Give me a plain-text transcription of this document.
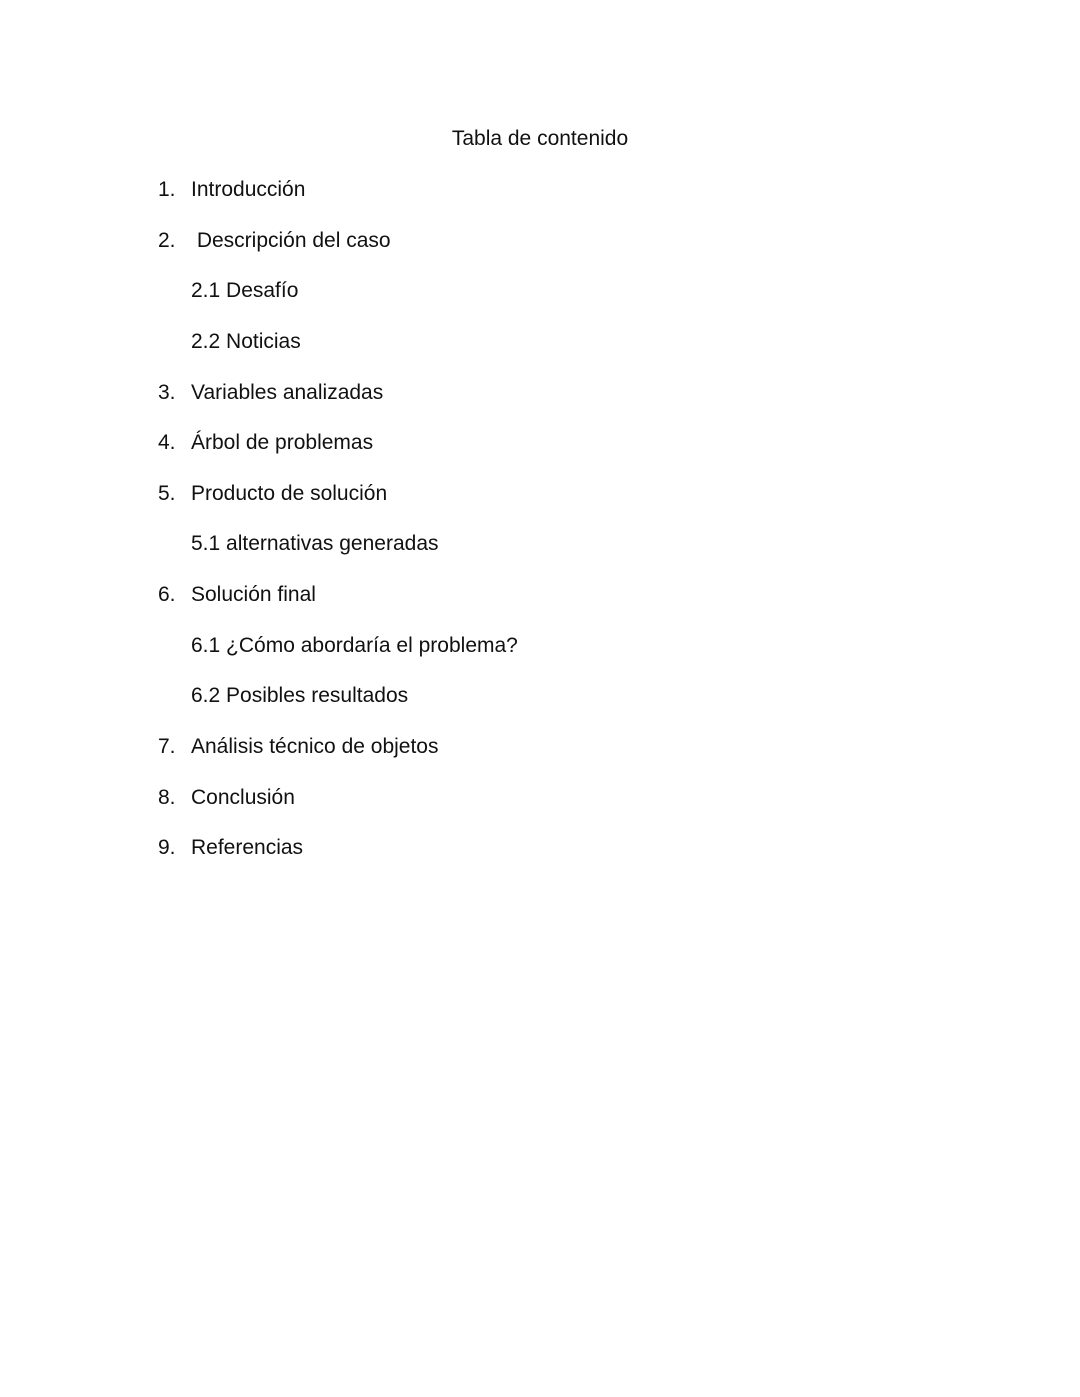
Tabla de contenido
1. Introducción
2. Descripción del caso
2.1 Desafío
2.2 Noticias
3. Variables analizadas
4. Árbol de problemas
5. Producto de solución
5.1 alternativas generadas
6. Solución final
6.1 ¿Cómo abordaría el problema?
6.2 Posibles resultados
7. Análisis técnico de objetos
8. Conclusión
9. Referencias
